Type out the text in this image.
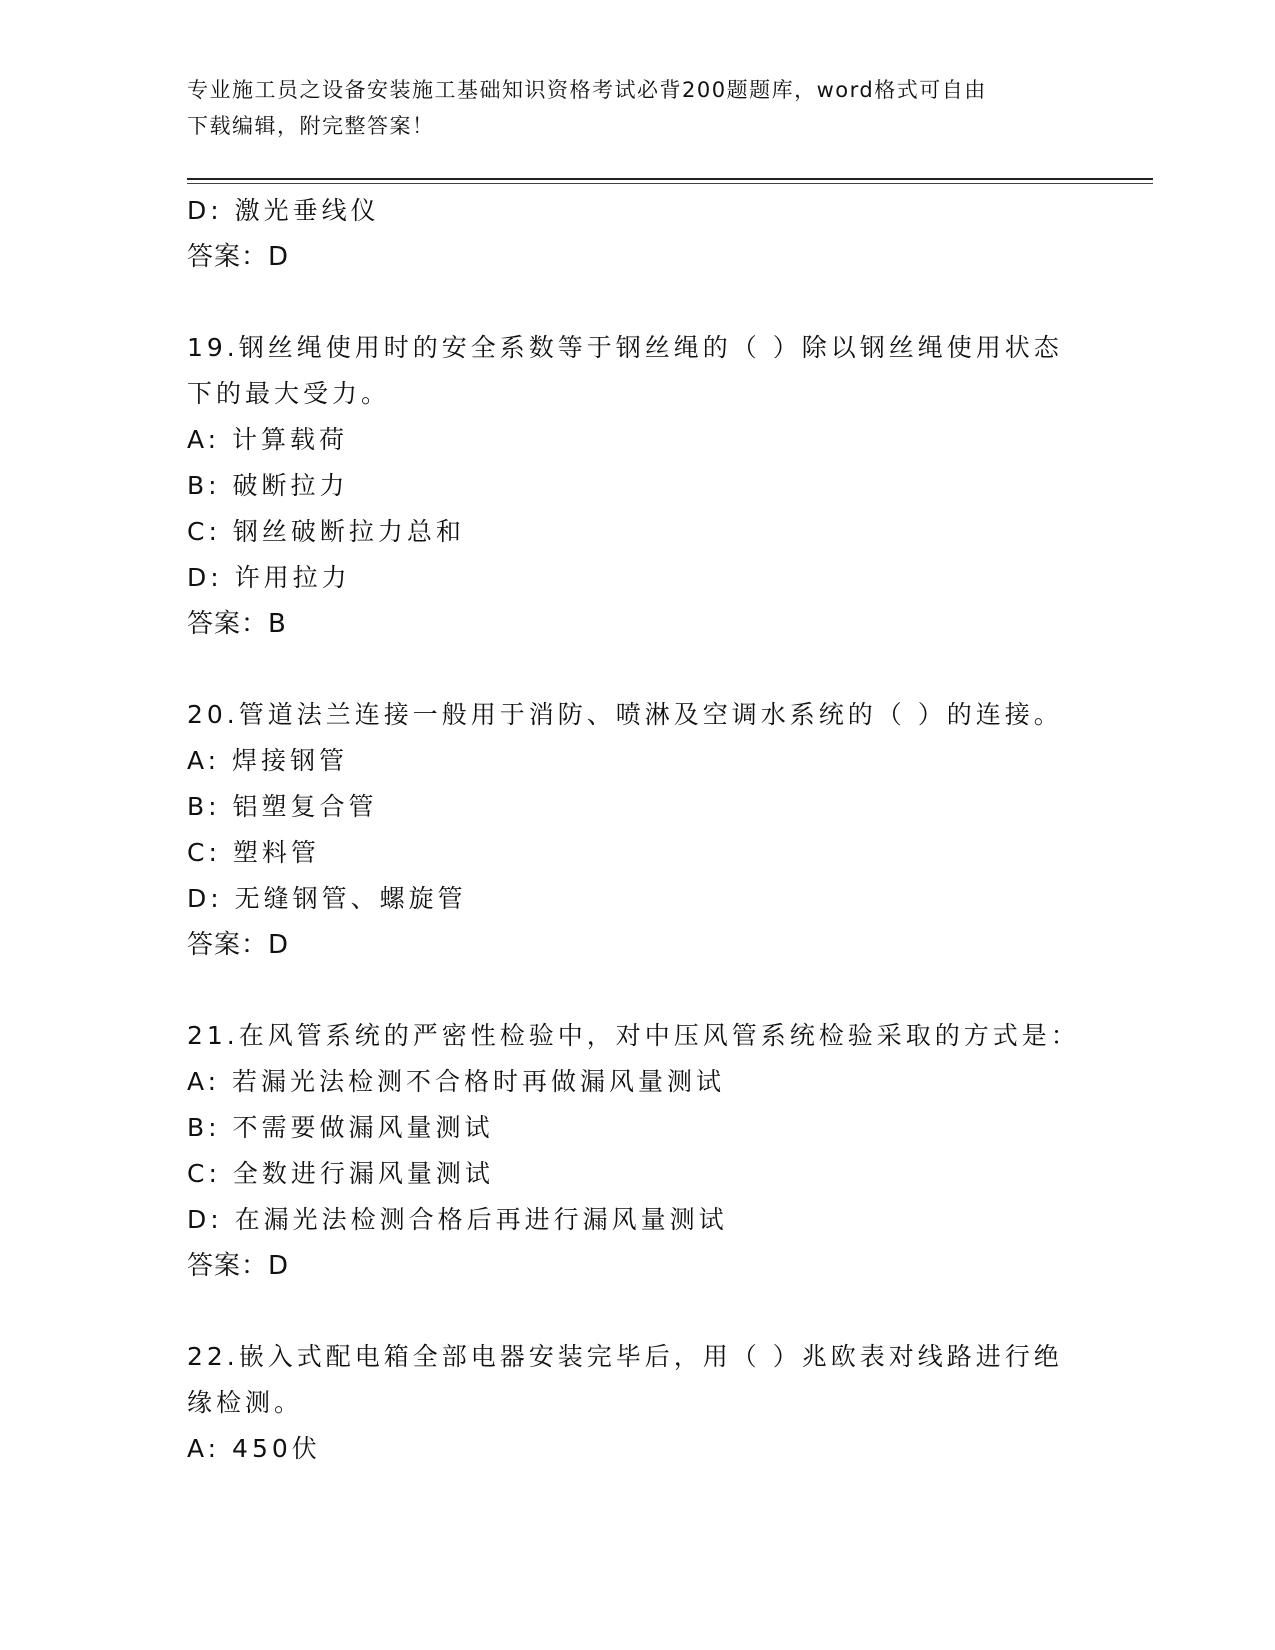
专业施工员之设备安装施工基础知识资格考试必背200题题库，word格式可自由
下载编辑，附完整答案！
D: 激光垂线仪
答案：D
19.钢丝绳使用时的安全系数等于钢丝绳的（ ）除以钢丝绳使用状态
下的最大受力。
A: 计算载荷
B: 破断拉力
C: 钢丝破断拉力总和
D: 许用拉力
答案：B
20.管道法兰连接一般用于消防、喷淋及空调水系统的（ ）的连接。
A: 焊接钢管
B: 铝塑复合管
C: 塑料管
D: 无缝钢管、螺旋管
答案：D
21.在风管系统的严密性检验中，对中压风管系统检验采取的方式是：
A: 若漏光法检测不合格时再做漏风量测试
B: 不需要做漏风量测试
C: 全数进行漏风量测试
D: 在漏光法检测合格后再进行漏风量测试
答案：D
22.嵌入式配电箱全部电器安装完毕后，用（ ）兆欧表对线路进行绝
缘检测。
A: 450伏
